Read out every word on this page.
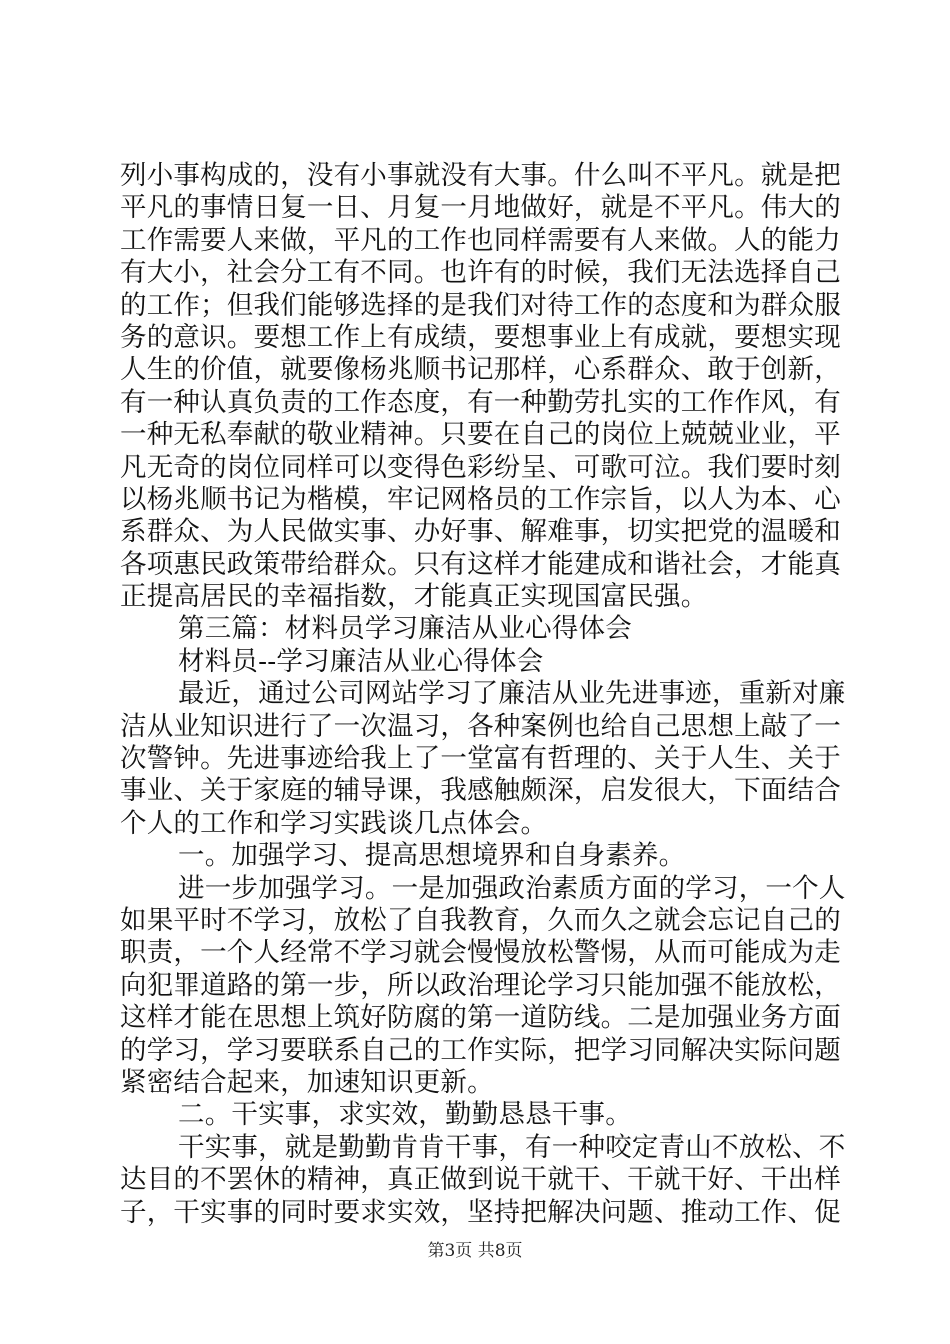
列小事构成的，没有小事就没有大事。什么叫不平凡。就是把
平凡的事情日复一日、月复一月地做好，就是不平凡。伟大的
工作需要人来做，平凡的工作也同样需要有人来做。人的能力
有大小，社会分工有不同。也许有的时候，我们无法选择自己
的工作；但我们能够选择的是我们对待工作的态度和为群众服
务的意识。要想工作上有成绩，要想事业上有成就，要想实现
人生的价值，就要像杨兆顺书记那样，心系群众、敢于创新，
有一种认真负责的工作态度，有一种勤劳扎实的工作作风，有
一种无私奉献的敬业精神。只要在自己的岗位上兢兢业业，平
凡无奇的岗位同样可以变得色彩纷呈、可歌可泣。我们要时刻
以杨兆顺书记为楷模，牢记网格员的工作宗旨，以人为本、心
系群众、为人民做实事、办好事、解难事，切实把党的温暖和
各项惠民政策带给群众。只有这样才能建成和谐社会，才能真
正提高居民的幸福指数，才能真正实现国富民强。
第三篇：材料员学习廉洁从业心得体会
材料员--学习廉洁从业心得体会
最近，通过公司网站学习了廉洁从业先进事迹，重新对廉
洁从业知识进行了一次温习，各种案例也给自己思想上敲了一
次警钟。先进事迹给我上了一堂富有哲理的、关于人生、关于
事业、关于家庭的辅导课，我感触颇深，启发很大，下面结合
个人的工作和学习实践谈几点体会。
一。加强学习、提高思想境界和自身素养。
进一步加强学习。一是加强政治素质方面的学习，一个人
如果平时不学习，放松了自我教育，久而久之就会忘记自己的
职责，一个人经常不学习就会慢慢放松警惕，从而可能成为走
向犯罪道路的第一步，所以政治理论学习只能加强不能放松，
这样才能在思想上筑好防腐的第一道防线。二是加强业务方面
的学习，学习要联系自己的工作实际，把学习同解决实际问题
紧密结合起来，加速知识更新。
二。干实事，求实效，勤勤恳恳干事。
干实事，就是勤勤肯肯干事，有一种咬定青山不放松、不
达目的不罢休的精神，真正做到说干就干、干就干好、干出样
子，干实事的同时要求实效，坚持把解决问题、推动工作、促
第3页 共8页
